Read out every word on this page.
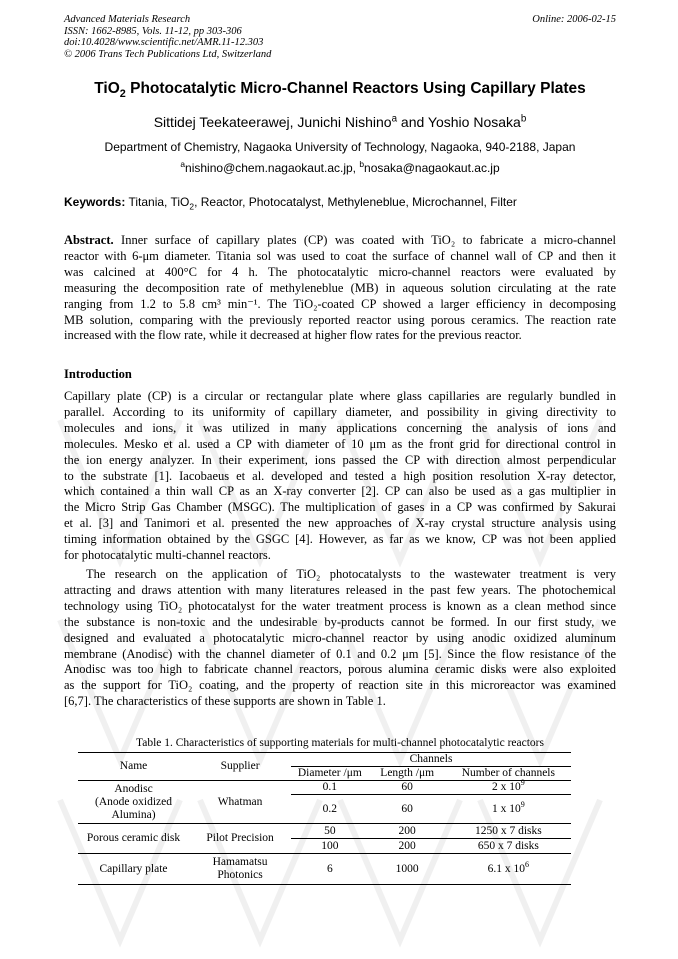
Advanced Materials Research
ISSN: 1662-8985, Vols. 11-12, pp 303-306
doi:10.4028/www.scientific.net/AMR.11-12.303
© 2006 Trans Tech Publications Ltd, Switzerland
Online: 2006-02-15
TiO$_2$ Photocatalytic Micro-Channel Reactors Using Capillary Plates
Sittidej Teekateerawej, Junichi Nishino$^a$ and Yoshio Nosaka$^b$
Department of Chemistry, Nagaoka University of Technology, Nagaoka, 940-2188, Japan
$^a$nishino@chem.nagaokaut.ac.jp, $^b$nosaka@nagaokaut.ac.jp
Keywords: Titania, TiO$_2$, Reactor, Photocatalyst, Methyleneblue, Microchannel, Filter
Abstract. Inner surface of capillary plates (CP) was coated with TiO₂ to fabricate a micro-channel
reactor with 6-μm diameter. Titania sol was used to coat the surface of channel wall of CP and then it
was calcined at 400°C for 4 h. The photocatalytic micro-channel reactors were evaluated by
measuring the decomposition rate of methyleneblue (MB) in aqueous solution circulating at the rate
ranging from 1.2 to 5.8 cm³ min⁻¹. The TiO₂-coated CP showed a larger efficiency in decomposing
MB solution, comparing with the previously reported reactor using porous ceramics. The reaction rate
increased with the flow rate, while it decreased at higher flow rates for the previous reactor.
Introduction
Capillary plate (CP) is a circular or rectangular plate where glass capillaries are regularly bundled in
parallel. According to its uniformity of capillary diameter, and possibility in giving directivity to
molecules and ions, it was utilized in many applications concerning the analysis of ions and
molecules. Mesko et al. used a CP with diameter of 10 μm as the front grid for directional control in
the ion energy analyzer. In their experiment, ions passed the CP with direction almost perpendicular
to the substrate [1]. Iacobaeus et al. developed and tested a high position resolution X-ray detector,
which contained a thin wall CP as an X-ray converter [2]. CP can also be used as a gas multiplier in
the Micro Strip Gas Chamber (MSGC). The multiplication of gases in a CP was confirmed by Sakurai
et al. [3] and Tanimori et al. presented the new approaches of X-ray crystal structure analysis using
timing information obtained by the GSGC [4]. However, as far as we know, CP was not been applied
for photocatalytic multi-channel reactors.
The research on the application of TiO₂ photocatalysts to the wastewater treatment is very
attracting and draws attention with many literatures released in the past few years. The photochemical
technology using TiO₂ photocatalyst for the water treatment process is known as a clean method since
the substance is non-toxic and the undesirable by-products cannot be formed. In our first study, we
designed and evaluated a photocatalytic micro-channel reactor by using anodic oxidized aluminum
membrane (Anodisc) with the channel diameter of 0.1 and 0.2 μm [5]. Since the flow resistance of the
Anodisc was too high to fabricate channel reactors, porous alumina ceramic disks were also exploited
as the support for TiO₂ coating, and the property of reaction site in this microreactor was examined
[6,7]. The characteristics of these supports are shown in Table 1.
Table 1. Characteristics of supporting materials for multi-channel photocatalytic reactors
Name	Supplier	Channels		
		Diameter /μm	Length /μm	Number of channels

Anodisc
(Anode oxidized
Alumina)	Whatman	0.1	60	2 x $10^9$
		0.2	60	1 x $10^9$
Porous ceramic disk	Pilot Precision	50	200	1250 x 7 disks
		100	200	650 x 7 disks
Capillary plate	Hamamatsu
Photonics	6	1000	6.1 x $10^6$
